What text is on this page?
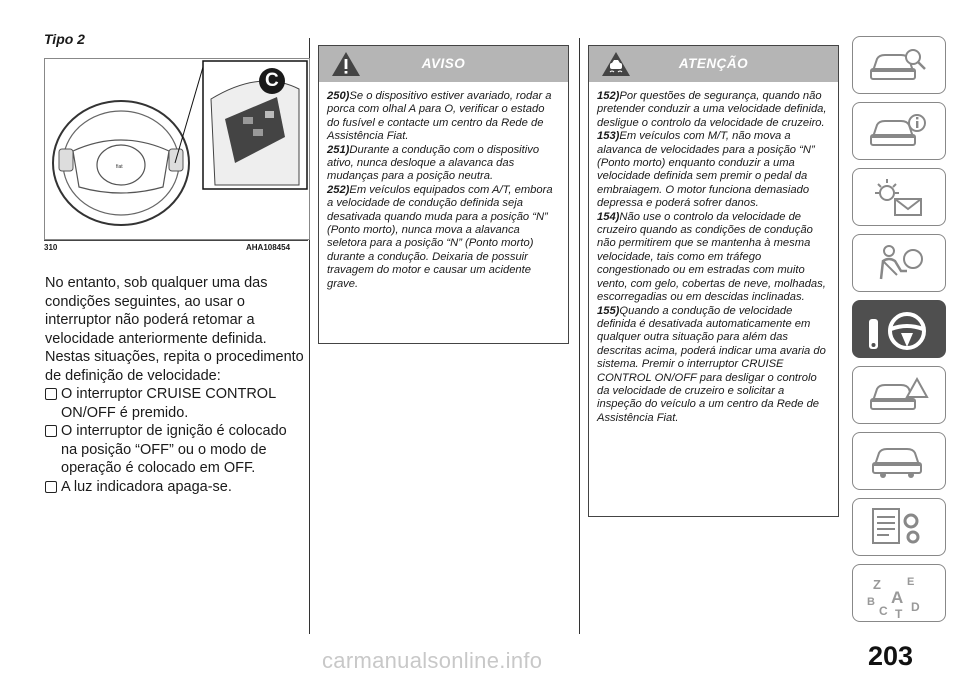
Tipo 2
fiat
C
310	AHA108454

No entanto, sob qualquer uma das condições seguintes, ao usar o interruptor não poderá retomar a velocidade anteriormente definida. Nestas situações, repita o procedimento de definição de velocidade:

O interruptor CRUISE CONTROL ON/OFF é premido.
O interruptor de ignição é colocado na posição “OFF” ou o modo de operação é colocado em OFF.
A luz indicadora apaga-se.
AVISO

250)Se o dispositivo estiver avariado, rodar a porca com olhal A para O, verificar o estado do fusível e contacte um centro da Rede de Assistência Fiat.

251)Durante a condução com o dispositivo ativo, nunca desloque a alavanca das mudanças para a posição neutra.

252)Em veículos equipados com A/T, embora a velocidade de condução definida seja desativada quando muda para a posição “N” (Ponto morto), nunca mova a alavanca seletora para a posição “N” (Ponto morto) durante a condução. Deixaria de possuir travagem do motor e causar um acidente grave.

ATENÇÃO

152)Por questões de segurança, quando não pretender conduzir a uma velocidade definida, desligue o controlo da velocidade de cruzeiro.

153)Em veículos com M/T, não mova a alavanca de velocidades para a posição “N” (Ponto morto) enquanto conduzir a uma velocidade definida sem premir o pedal da embraiagem. O motor funciona demasiado depressa e poderá sofrer danos.

154)Não use o controlo da velocidade de cruzeiro quando as condições de condução não permitirem que se mantenha à mesma velocidade, tais como em tráfego congestionado ou em estradas com muito vento, com gelo, cobertas de neve, molhadas, escorregadias ou em descidas inclinadas.

155)Quando a condução de velocidade definida é desativada automaticamente em qualquer outra situação para além das descritas acima, poderá indicar uma avaria do sistema. Premir o interruptor CRUISE CONTROL ON/OFF para desligar o controlo da velocidade de cruzeiro e solicitar a inspeção do veículo a um centro da Rede de Assistência Fiat.

Z E
B A
C T D
203
carmanualsonline.info
